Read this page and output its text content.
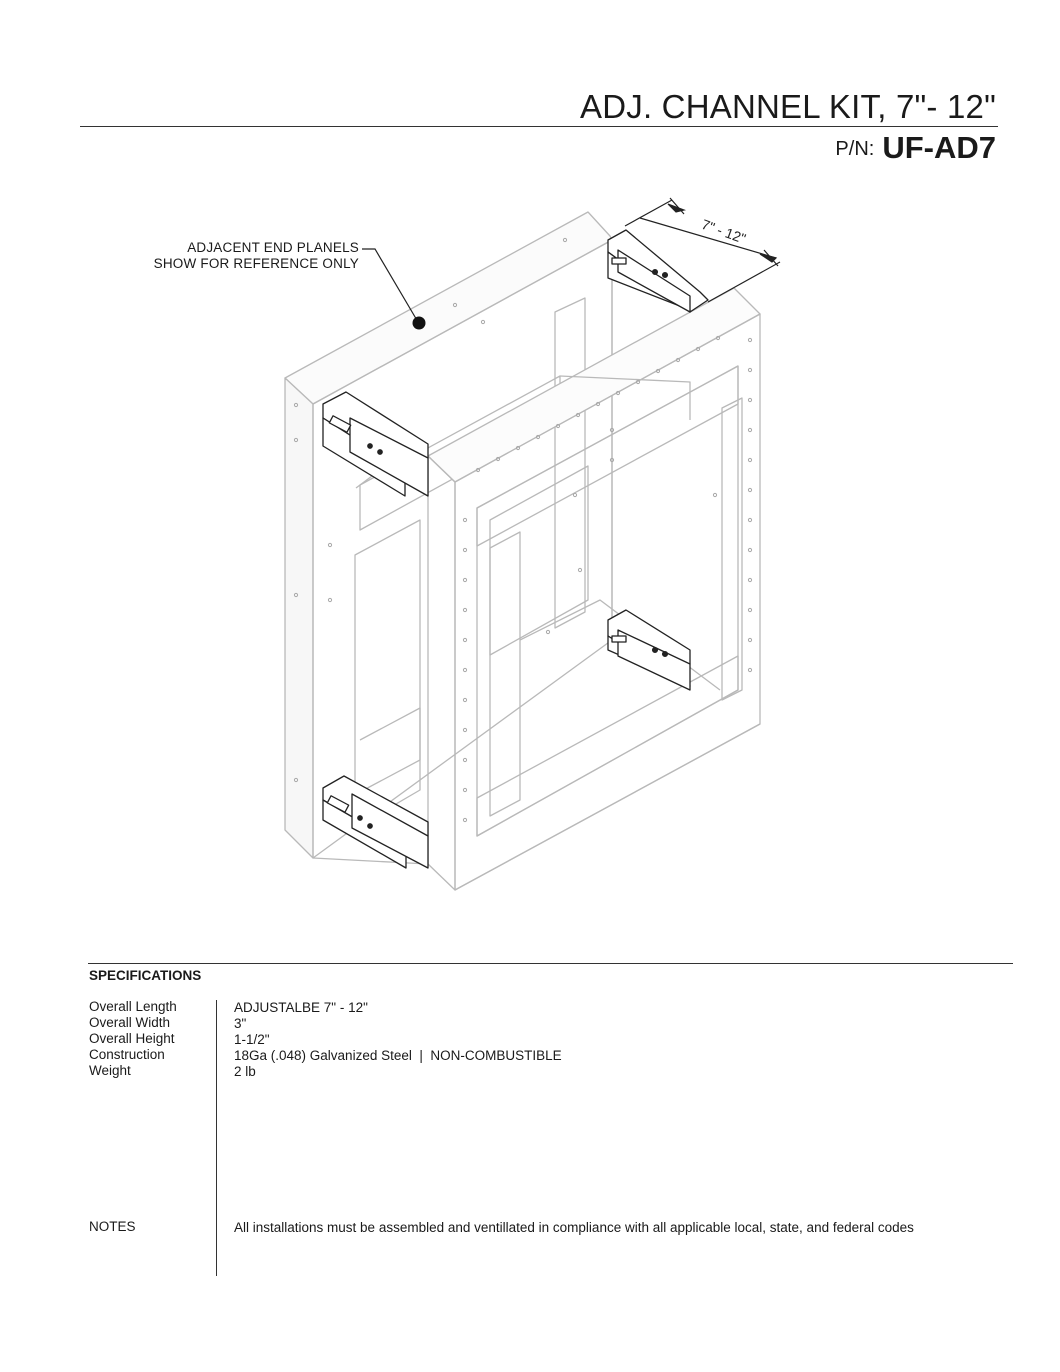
ADJ. CHANNEL KIT, 7"- 12"
P/N: UF-AD7
ADJACENT END PLANELS
SHOW FOR REFERENCE ONLY
7" - 12"
SPECIFICATIONS
Overall Length
Overall Width
Overall Height
Construction
Weight
ADJUSTALBE 7" - 12"
3"
1-1/2"
18Ga (.048) Galvanized Steel  |  NON-COMBUSTIBLE
2 lb
NOTES	All installations must be assembled and ventillated in compliance with all applicable local, state, and federal codes
